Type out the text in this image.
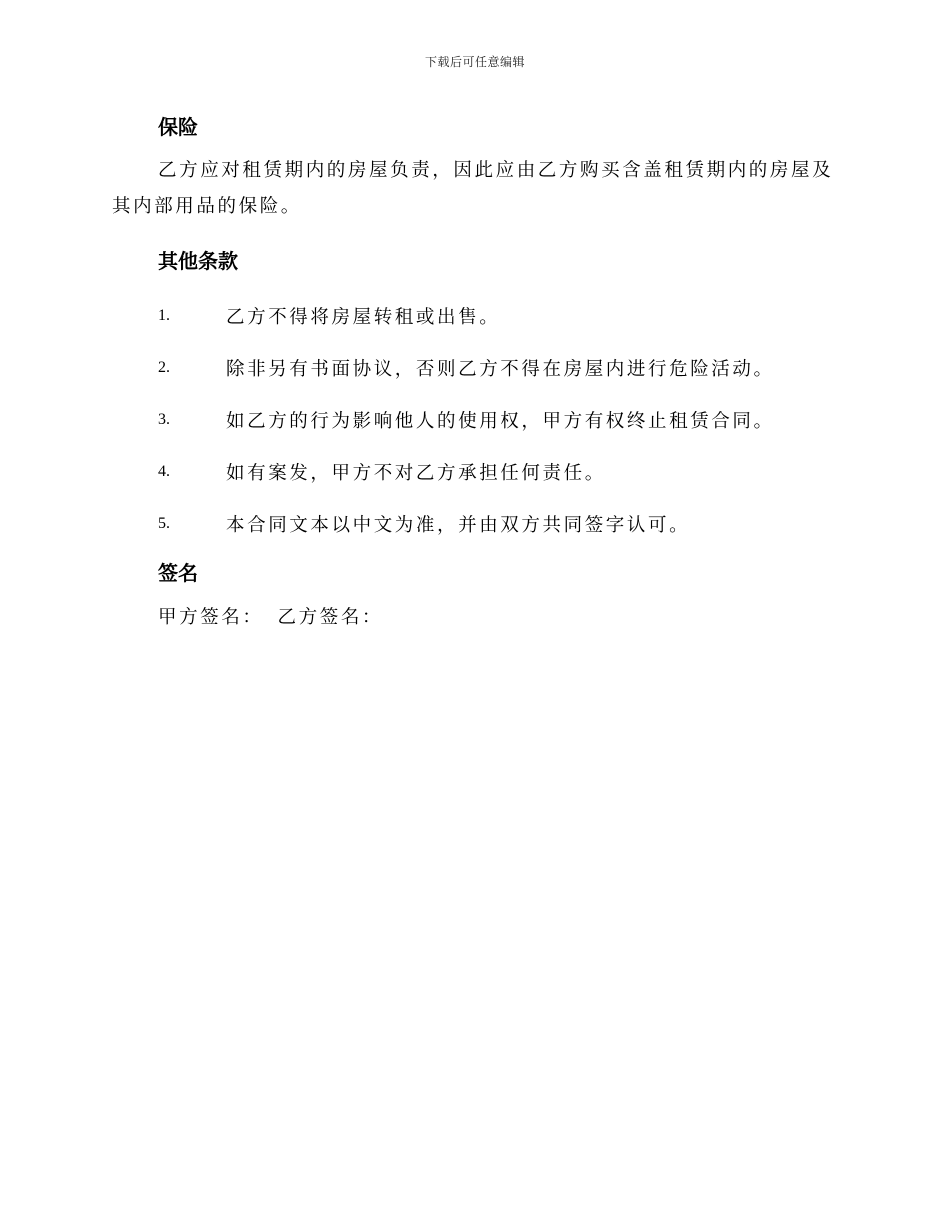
下载后可任意编辑
保险

乙方应对租赁期内的房屋负责，因此应由乙方购买含盖租赁期内的房屋及其内部用品的保险。

其他条款
1.	乙方不得将房屋转租或出售。
2.	除非另有书面协议，否则乙方不得在房屋内进行危险活动。
3.	如乙方的行为影响他人的使用权，甲方有权终止租赁合同。
4.	如有案发，甲方不对乙方承担任何责任。
5.	本合同文本以中文为准，并由双方共同签字认可。
签名
甲方签名： 乙方签名：
